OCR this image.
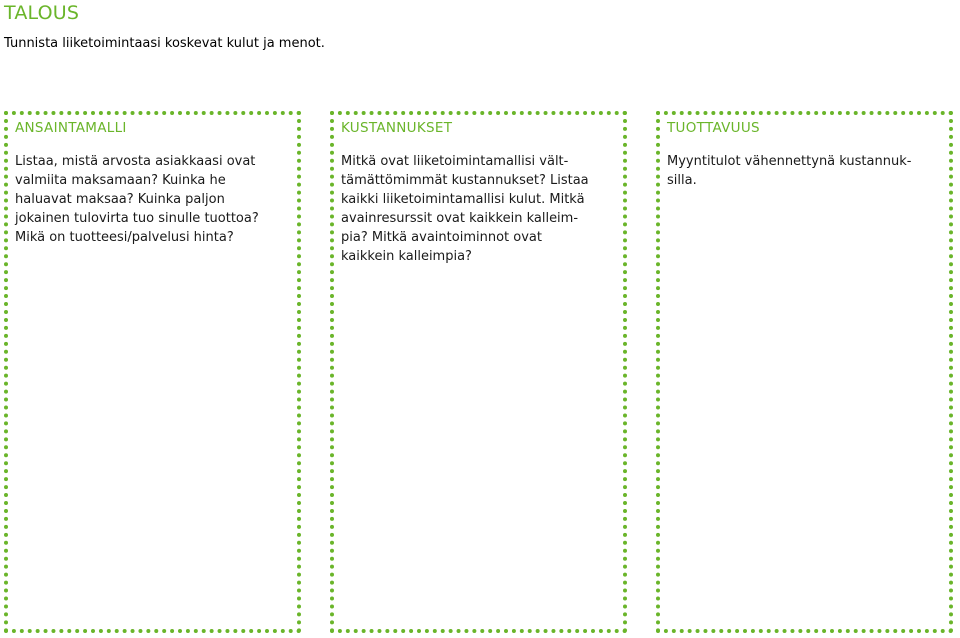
TALOUS
Tunnista liiketoimintaasi koskevat kulut ja menot.
ANSAINTAMALLI
Listaa, mistä arvosta asiakkaasi ovat
valmiita maksamaan? Kuinka he
haluavat maksaa? Kuinka paljon
jokainen tulovirta tuo sinulle tuottoa?
Mikä on tuotteesi/palvelusi hinta?
KUSTANNUKSET
Mitkä ovat liiketoimintamallisi vält-
tämättömimmät kustannukset? Listaa
kaikki liiketoimintamallisi kulut. Mitkä
avainresurssit ovat kaikkein kalleim-
pia? Mitkä avaintoiminnot ovat
kaikkein kalleimpia?
TUOTTAVUUS
Myyntitulot vähennettynä kustannuk-
silla.
